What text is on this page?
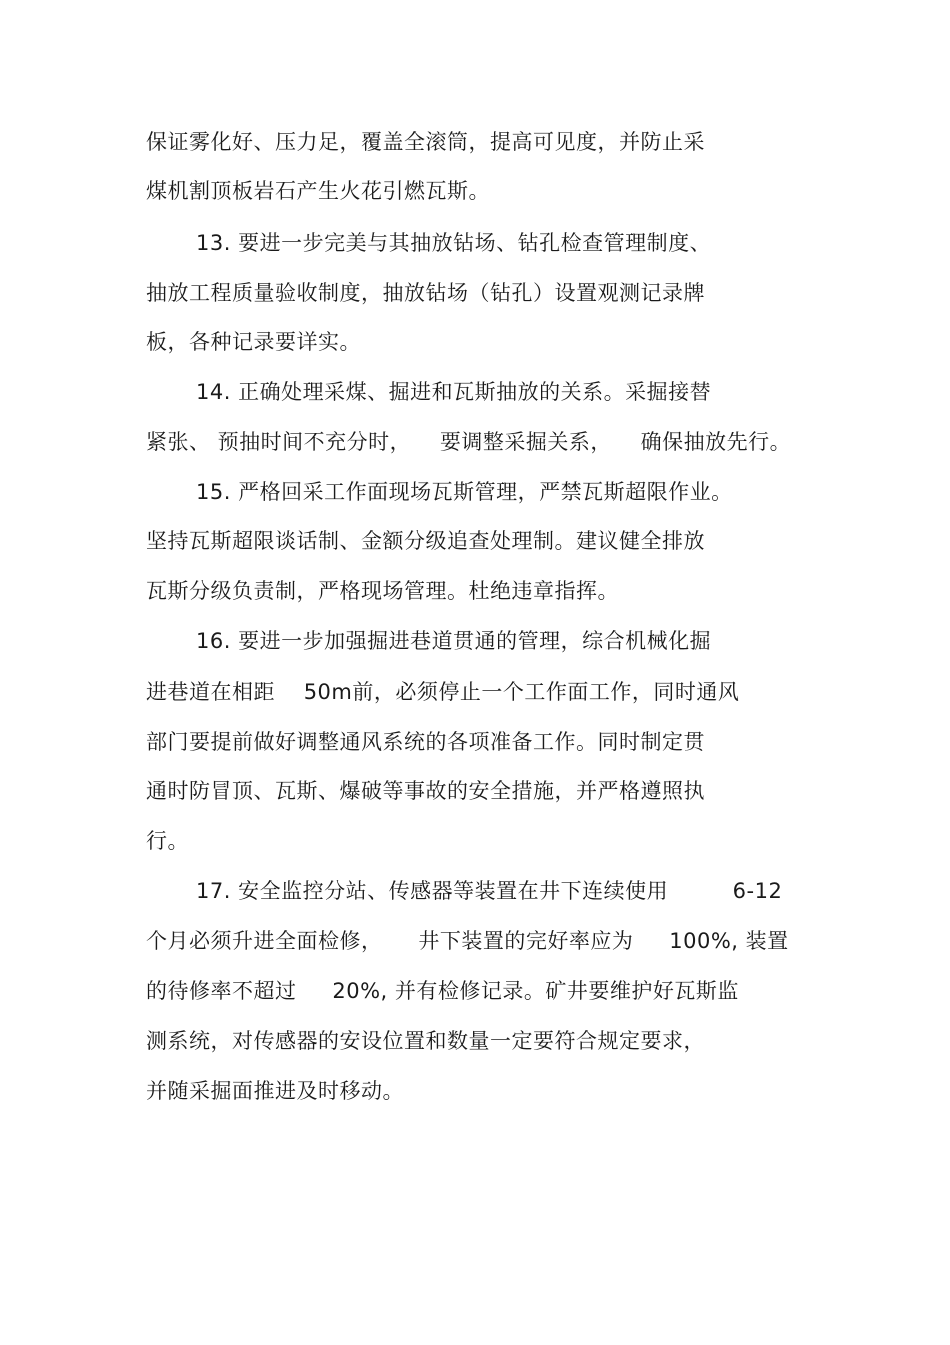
保证雾化好、压力足，覆盖全滚筒，提高可见度，并防止采
煤机割顶板岩石产生火花引燃瓦斯。
13. 要进一步完美与其抽放钻场、钻孔检查管理制度、
抽放工程质量验收制度，抽放钻场（钻孔）设置观测记录牌
板，各种记录要详实。
14. 正确处理采煤、掘进和瓦斯抽放的关系。采掘接替
紧张、 预抽时间不充分时，    要调整采掘关系，    确保抽放先行。
15. 严格回采工作面现场瓦斯管理，严禁瓦斯超限作业。
坚持瓦斯超限谈话制、金额分级追查处理制。建议健全排放
瓦斯分级负责制，严格现场管理。杜绝违章指挥。
16. 要进一步加强掘进巷道贯通的管理，综合机械化掘
进巷道在相距    50m前，必须停止一个工作面工作，同时通风
部门要提前做好调整通风系统的各项准备工作。同时制定贯
通时防冒顶、瓦斯、爆破等事故的安全措施，并严格遵照执
行。
17. 安全监控分站、传感器等装置在井下连续使用         6-12
个月必须升进全面检修，     井下装置的完好率应为     100%, 装置
的待修率不超过     20%, 并有检修记录。矿井要维护好瓦斯监
测系统，对传感器的安设位置和数量一定要符合规定要求，
并随采掘面推进及时移动。
